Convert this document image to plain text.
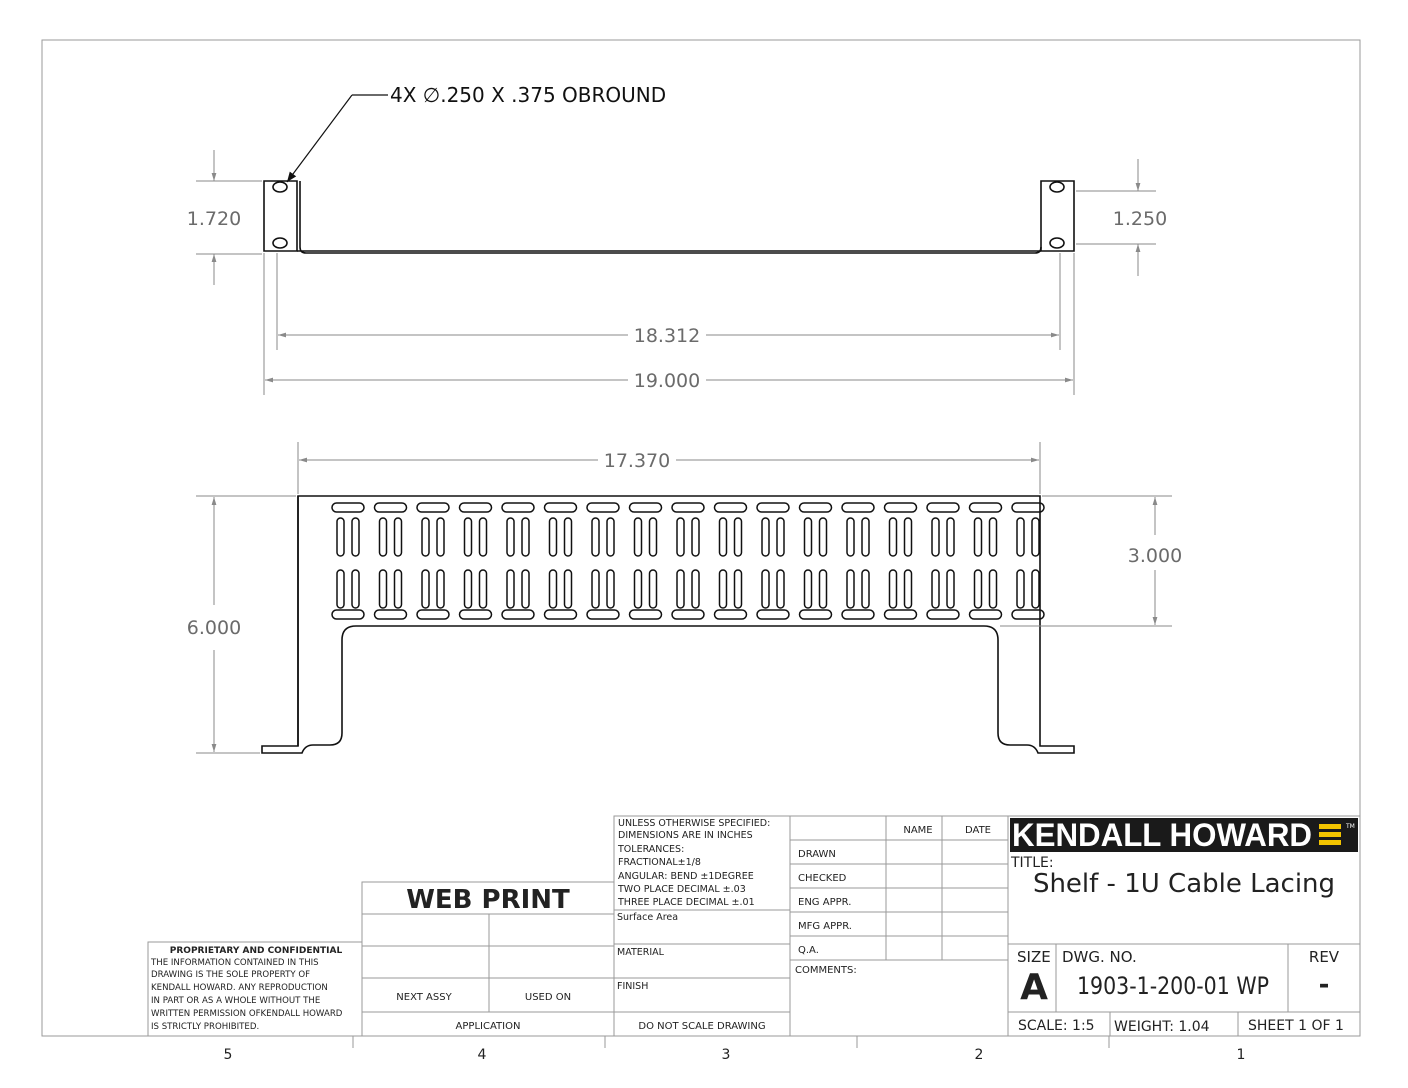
4X ∅.250 X .375 OBROUND
1.720	1.250
18.312
19.000
17.370
6.000
3.000
5	4	3	2	1
PROPRIETARY AND CONFIDENTIAL
THE INFORMATION CONTAINED IN THIS
DRAWING IS THE SOLE PROPERTY OF
KENDALL HOWARD. ANY REPRODUCTION
IN PART OR AS A WHOLE WITHOUT THE
WRITTEN PERMISSION OFKENDALL HOWARD
IS STRICTLY PROHIBITED.
WEB PRINT
NEXT ASSY	USED ON
APPLICATION
UNLESS OTHERWISE SPECIFIED:
DIMENSIONS ARE IN INCHES
TOLERANCES:
FRACTIONAL±1/8
ANGULAR: BEND ±1DEGREE
TWO PLACE DECIMAL ±.03
THREE PLACE DECIMAL ±.01
Surface Area
MATERIAL
FINISH
DO NOT SCALE DRAWING
NAME	DATE
DRAWN
CHECKED
ENG APPR.
MFG APPR.
Q.A.
COMMENTS:
KENDALL HOWARD	TM
TITLE:
Shelf - 1U Cable Lacing
SIZE
A
DWG. NO.
1903-1-200-01 WP
REV
-
SCALE: 1:5 WEIGHT: 1.04	SHEET 1 OF 1
